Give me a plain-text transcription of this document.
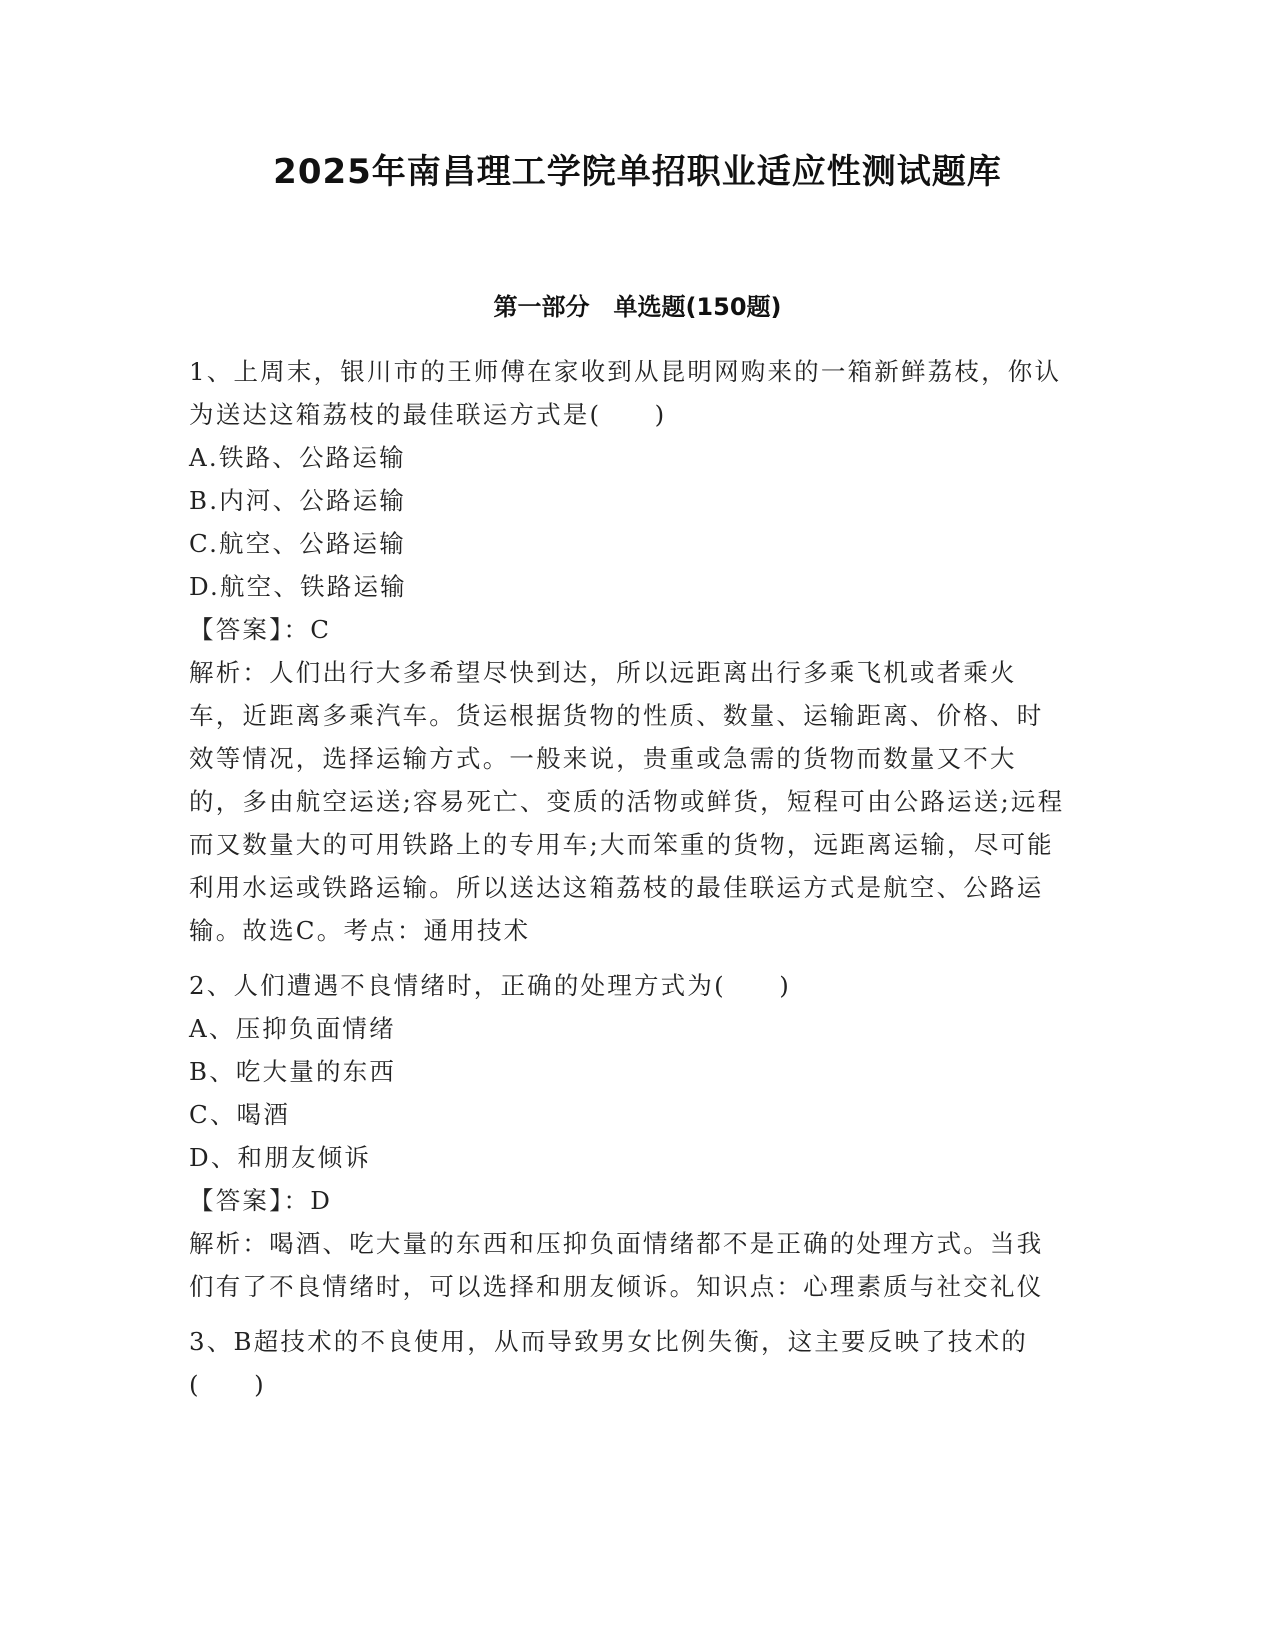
2025年南昌理工学院单招职业适应性测试题库
第一部分　单选题(150题)
1、上周末，银川市的王师傅在家收到从昆明网购来的一箱新鲜荔枝，你认为送达这箱荔枝的最佳联运方式是(　　)
A.铁路、公路运输
B.内河、公路运输
C.航空、公路运输
D.航空、铁路运输
【答案】：C
解析：人们出行大多希望尽快到达，所以远距离出行多乘飞机或者乘火车，近距离多乘汽车。货运根据货物的性质、数量、运输距离、价格、时效等情况，选择运输方式。一般来说，贵重或急需的货物而数量又不大的，多由航空运送;容易死亡、变质的活物或鲜货，短程可由公路运送;远程而又数量大的可用铁路上的专用车;大而笨重的货物，远距离运输，尽可能利用水运或铁路运输。所以送达这箱荔枝的最佳联运方式是航空、公路运输。故选C。考点：通用技术
2、人们遭遇不良情绪时，正确的处理方式为(　　)
A、压抑负面情绪
B、吃大量的东西
C、喝酒
D、和朋友倾诉
【答案】：D
解析：喝酒、吃大量的东西和压抑负面情绪都不是正确的处理方式。当我们有了不良情绪时，可以选择和朋友倾诉。知识点：心理素质与社交礼仪
3、B超技术的不良使用，从而导致男女比例失衡，这主要反映了技术的(　　)
